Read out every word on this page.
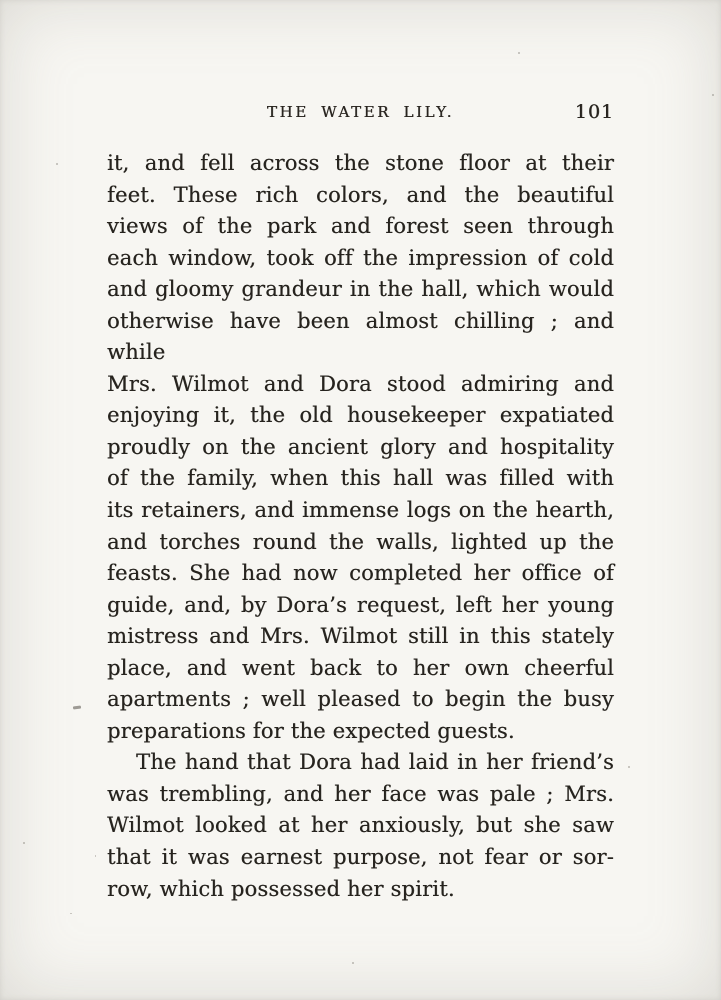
THE WATER LILY.	101
it, and fell across the stone floor at their
feet. These rich colors, and the beautiful
views of the park and forest seen through
each window, took off the impression of cold
and gloomy grandeur in the hall, which would
otherwise have been almost chilling ; and while
Mrs. Wilmot and Dora stood admiring and
enjoying it, the old housekeeper expatiated
proudly on the ancient glory and hospitality
of the family, when this hall was filled with
its retainers, and immense logs on the hearth,
and torches round the walls, lighted up the
feasts. She had now completed her office of
guide, and, by Dora’s request, left her young
mistress and Mrs. Wilmot still in this stately
place, and went back to her own cheerful
apartments ; well pleased to begin the busy
preparations for the expected guests.
The hand that Dora had laid in her friend’s
was trembling, and her face was pale ; Mrs.
Wilmot looked at her anxiously, but she saw
that it was earnest purpose, not fear or sor-
row, which possessed her spirit.
